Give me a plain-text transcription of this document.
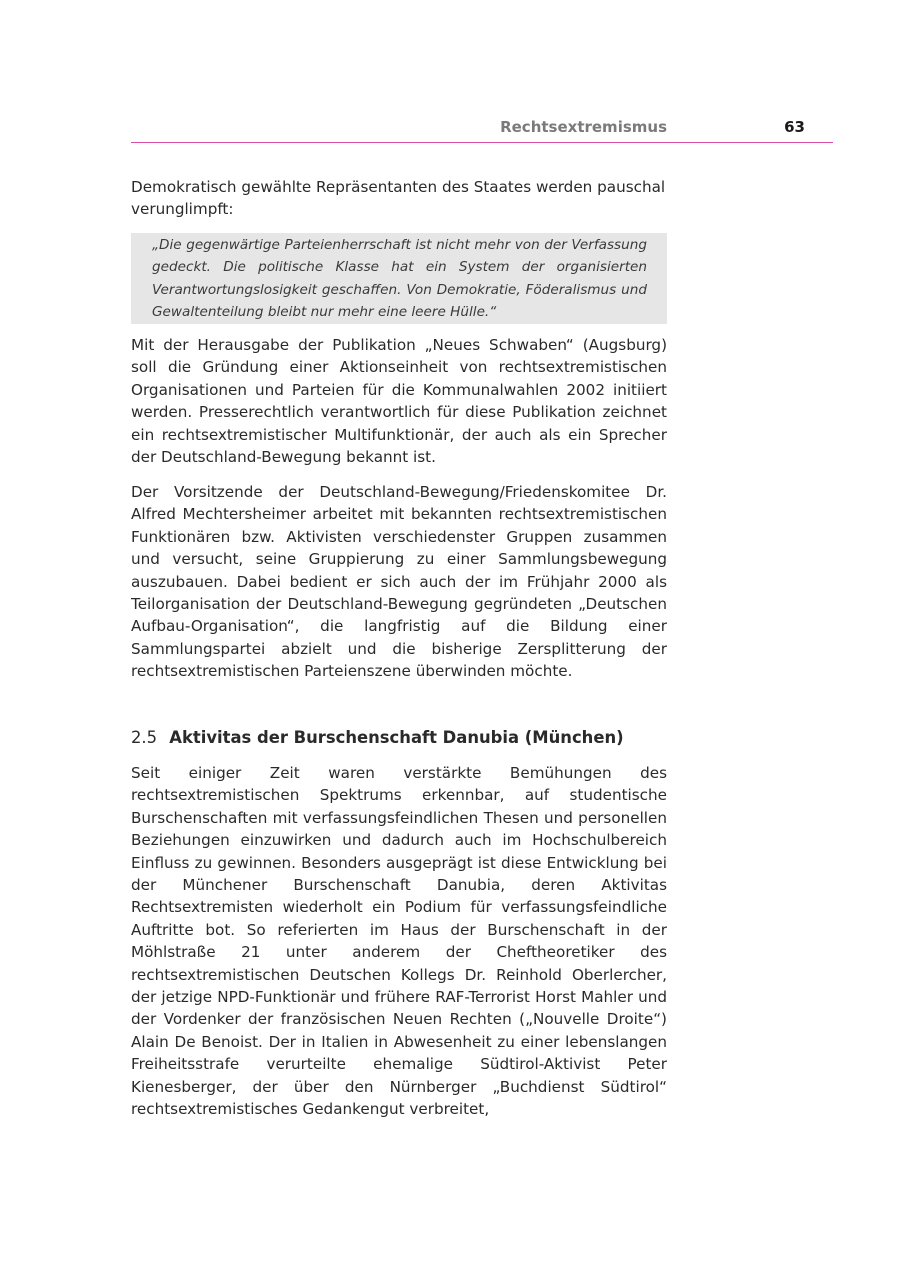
Rechtsextremismus	63

Demokratisch gewählte Repräsentanten des Staates werden pauschal verunglimpft:

„Die gegenwärtige Parteienherrschaft ist nicht mehr von der Verfassung gedeckt. Die politische Klasse hat ein System der organisierten Verantwortungslosigkeit geschaffen. Von Demokratie, Föderalismus und Gewaltenteilung bleibt nur mehr eine leere Hülle.“

Mit der Herausgabe der Publikation „Neues Schwaben“ (Augsburg) soll die Gründung einer Aktionseinheit von rechtsextremistischen Organisationen und Parteien für die Kommunalwahlen 2002 initiiert werden. Presserechtlich verantwortlich für diese Publikation zeichnet ein rechtsextremistischer Multifunktionär, der auch als ein Sprecher der Deutschland-Bewegung bekannt ist.

Der Vorsitzende der Deutschland-Bewegung/Friedenskomitee Dr. Alfred Mechtersheimer arbeitet mit bekannten rechtsextremistischen Funktionären bzw. Aktivisten verschiedenster Gruppen zusammen und versucht, seine Gruppierung zu einer Sammlungsbewegung auszubauen. Dabei bedient er sich auch der im Frühjahr 2000 als Teilorganisation der Deutschland-Bewegung gegründeten „Deutschen Aufbau-Organisation“, die langfristig auf die Bildung einer Sammlungspartei abzielt und die bisherige Zersplitterung der rechtsextremistischen Parteienszene überwinden möchte.

2.5 Aktivitas der Burschenschaft Danubia (München)

Seit einiger Zeit waren verstärkte Bemühungen des rechtsextremistischen Spektrums erkennbar, auf studentische Burschenschaften mit verfassungsfeindlichen Thesen und personellen Beziehungen einzuwirken und dadurch auch im Hochschulbereich Einfluss zu gewinnen. Besonders ausgeprägt ist diese Entwicklung bei der Münchener Burschenschaft Danubia, deren Aktivitas Rechtsextremisten wiederholt ein Podium für verfassungsfeindliche Auftritte bot. So referierten im Haus der Burschenschaft in der Möhlstraße 21 unter anderem der Cheftheoretiker des rechtsextremistischen Deutschen Kollegs Dr. Reinhold Oberlercher, der jetzige NPD-Funktionär und frühere RAF-Terrorist Horst Mahler und der Vordenker der französischen Neuen Rechten („Nouvelle Droite“) Alain De Benoist. Der in Italien in Abwesenheit zu einer lebenslangen Freiheitsstrafe verurteilte ehemalige Südtirol-Aktivist Peter Kienesberger, der über den Nürnberger „Buchdienst Südtirol“ rechtsextremistisches Gedankengut verbreitet,
